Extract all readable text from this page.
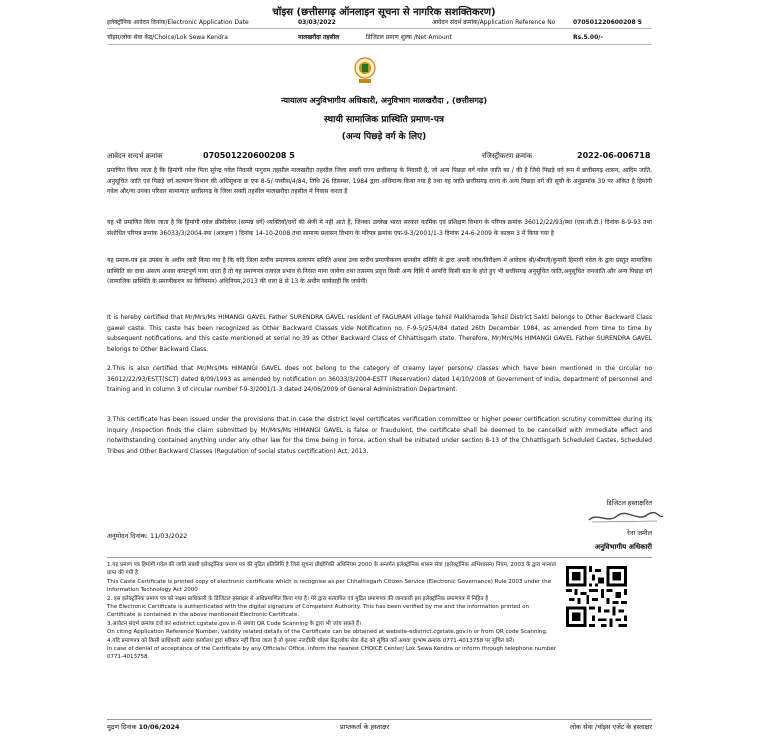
चॉइस (छत्तीसगढ़ ऑनलाइन सूचना से नागरिक सशक्तिकरण)
इलेक्ट्रॉनिक आवेदन दिनांक/Electronic Application Date	03/03/2022	आवेदन संदर्भ क्रमांक/Application Reference No	070501220600208 5
चॉइस/लोक सेवा केंद्र/Choice/Lok Sewa Kendra	मालखरौदा तहसील	डिजिटल प्रमाण शुल्क /Net Amount	Rs.5.00/-
न्यायालय अनुविभागीय अधिकारी, अनुविभाग मालखरौदा , (छत्तीसगढ़)
स्थायी सामाजिक प्रास्थिति प्रमाण-पत्र
(अन्य पिछड़े वर्ग के लिए)
आवेदन सन्दर्भ क्रमांक	070501220600208 5	रजिस्ट्रीकरण क्रमांक	2022-06-006718
प्रमाणित किया जाता है कि हिमांगी गवेल पिता सुरेन्द्र गवेल निवासी फगुराम तहसील मालखरौदा तहसील जिला सक्ती राज्य छत्तीसगढ़ के निवासी है, जो अन्य पिछड़ा वर्ग गवेल जाति का / की है जिसे पिछड़े वर्ग रूप में छत्तीसगढ़ शासन, आदिम जाति, अनुसूचित जाति एवं पिछड़े वर्ग कल्याण विभाग की अधिसूचना क्र एफ 8-5/ पच्चीस/4/84, तिथि 26 दिसम्बर, 1984 द्वारा अधिमान्य किया गया है तथा यह जाति छत्तीसगढ़ राज्य के अन्य पिछड़ा वर्ग की सूची के अनुक्रमांक 39 पर अंकित है हिमांगी गवेल और/या उनका परिवार सामान्यतः छत्तीसगढ़ के जिला सक्ती तहसील मालखरौदा तहसील में निवास करता है
यह भी प्रमाणित किया जाता है कि हिमांगी गवेल क्रीमीलेयर (सम्पन्न वर्ग) व्यक्तियों/वर्गो की श्रेणी में नहीं आते हैं, जिनका उल्लेख भारत सरकार कार्मिक एवं प्रशिक्षण विभाग के परिपत्र क्रमांक 36012/22/93/स्था (एस.सी.टी.) दिनांक 8-9-93 तथा संशोधित परिपत्र क्रमांक 36033/3/2004-स्था (आरक्षण ) दिनांक 14-10-2008 तथा सामान्य प्रशासन विभाग के परिपत्र क्रमांक एफ-9-3/2001/1-3 दिनांक 24-6-2009 के कालम 3 में किया गया है
यह प्रमाण-पत्र इस उपबंध के अधीन जारी किया गया है कि यदि जिला स्तरीय प्रमाणपत्र सत्यापन समिति अथवा उच्च स्तरीय प्रमाणीकरण छानबीन समिति के द्वारा अपनी जांच/निरीक्षण में आवेदक श्री/श्रीमती/कुमारी हिमांगी गवेल के द्वारा प्रस्तुत सामाजिक प्रास्थिति का दावा असत्य अथवा कपटपूर्ण पाया जाता है तो यह प्रमाणपत्र तत्काल प्रभाव से निरस्त माना जायेगा तथा तत्समय प्रवृत्त किसी अन्य विधि में आपत्ति किसी बात के होते हुए भी छत्तीसगढ़ अनुसूचित जाति,अनुसूचित जनजाति और अन्य पिछड़ा वर्ग (सामाजिक प्रास्थिति के प्रमाणीकरण का विनियमन) अधिनियम,2013 की धारा 8 से 13 के अधीन कार्यवाही कि जायेगी।
It is hereby certified that Mr/Mrs/Ms HIMANGI GAVEL Father SURENDRA GAVEL resident of FAGURAM village tehsil Malkharoda Tehsil District Sakti belongs to Other Backward Class gawel caste. This caste has been recognized as Other Backward Classes vide Notification no. F-9-5/25/4/84 dated 26th December 1984, as amended from time to time by subsequent notifications, and this caste mentioned at serial no 39 as Other Backward Class of Chhattisgarh state. Therefore, Mr/Mrs/Ms HIMANGI GAVEL Father SURENDRA GAVEL belongs to Other Backward Class.
2.This is also certified that Mr/Mrs/Ms HIMANGI GAVEL does not belong to the category of creamy layer persons/ classes which have been mentioned in the circular no 36012/22/93/ESTT(SCT) dated 8/09/1993 as amended by notification on 36033/3/2004-ESTT (Reservation) dated 14/10/2008 of Government of India, department of personnel and training and in column 3 of circular number f-9-3/2001/1-3 dated 24/06/2009 of General Administration Department.
3.This certificate has been issued under the provisions that in case the district level certificates verification committee or higher power certification scrutiny committee during its inquiry /inspection finds the claim submitted by Mr/Mrs/Ms HIMANGI GAVEL is false or fraudulent, the certificate shall be deemed to be cancelled with immediate effect and notwithstanding contained anything under any other law for the time being in force, action shall be initiated under section 8-13 of the Chhattisgarh Scheduled Castes, Scheduled Tribes and Other Backward Classes (Regulation of social status certification) Act, 2013.
डिजिटल हस्ताक्षरित
रेना जमील
अनुविभागीय अधिकारी
अनुमोदन दिनांक: 11/03/2022
1.यह प्रमाण पत्र हिमांगी गवेल की जाति संबंधी इलेक्ट्रॉनिक प्रमाण पत्र की मुद्रित प्रतिलिपि है जिसे सूचना प्रौद्योगिकी अधिनियम 2000 के अन्तर्गत इलेक्ट्रॉनिक शासन सेवा (इलेक्ट्रॉनिक अभिशासन) नियम, 2003 के द्वारा मान्यता प्राप्त की गयी है
This Caste Certificate is printed copy of electronic certificate which is recognise as per Chhattisgarh Citizen Service (Electronic Governance) Rule 2003 under the Information Technology Act 2000
2. इस इलेक्ट्रॉनिक प्रमाण पत्र को सक्षम प्राधिकारी के डिजिटल हस्ताक्षर से अधिप्रमाणित किया गया है। मेरे द्वारा सत्यापित एवं मुद्रित प्रमाणपत्र की जानकारी इस इलेक्ट्रॉनिक प्रमाणपत्र में निहित है
The Electronic Certificate is authenticated with the digital signature of Competent Authority. This has been verified by me and the information printed on Certificate is contained in the above mentioned Electronic Certificate.
3.आवेदन संदर्भ क्रमांक दर्ज कर edistrict.cgstate.gov.in से अथवा QR Code Scanning के द्वारा भी जांच सकते हैं।
On citing Application Reference Number, validity related details of the Certificate can be obtained at website-edistrict.cgstate.gov.in or from QR code Scanning.
4.यदि प्रमाणपत्र को किसी प्राधिकारी अथवा कार्यालय द्वारा स्वीकार नहीं किया जाता है तो कृपया नजदीकी चॉइस केंद्र/लोक सेवा केंद्र को सूचित करें अथवा दूरभाष क्रमांक 0771-4013758 पर सूचित करें।
In case of denial of acceptance of the Certificate by any Officials/ Office, inform the nearest CHOICE Center/ Lok Sewa Kendra or inform through telephone number 0771-4013758.
मुद्रण दिनांक 10/06/2024	प्राप्तकर्ता के हस्ताक्षर	लोक सेवा /चॉइस एजेंट के हस्ताक्षर
